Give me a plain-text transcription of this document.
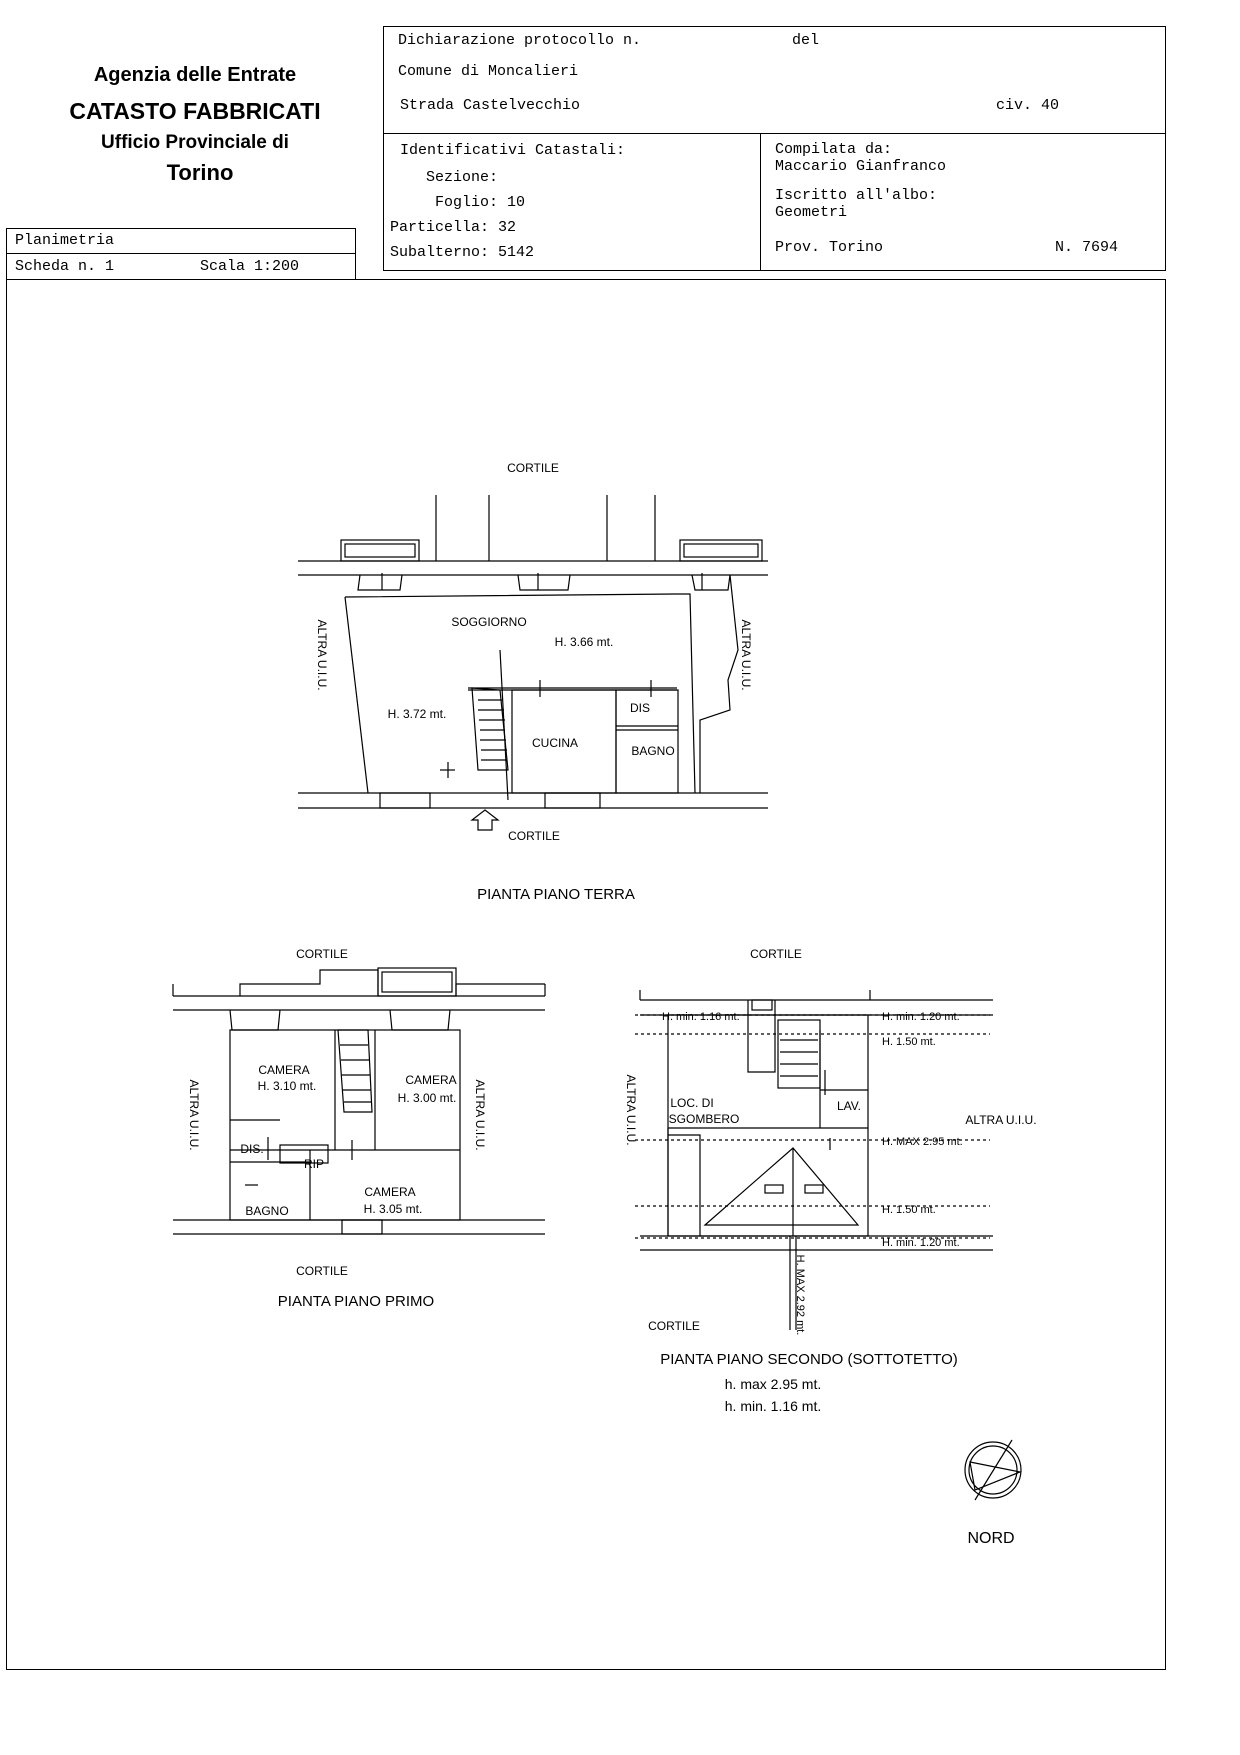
Agenzia delle Entrate
CATASTO FABBRICATI
Ufficio Provinciale di
Torino
Planimetria
Scheda n. 1	Scala 1:200
Dichiarazione protocollo n.	del
Comune di Moncalieri
Strada Castelvecchio	civ. 40
Identificativi Catastali:
Sezione:
Foglio: 10
Particella: 32
Subalterno: 5142
Compilata da:
Maccario Gianfranco
Iscritto all'albo:
Geometri
Prov. Torino	N. 7694
CORTILE
CORTILE
SOGGIORNO
H. 3.66 mt.
H. 3.72 mt.	DIS
CUCINA
BAGNO
ALTRA U.I.U.	ALTRA U.I.U.
PIANTA PIANO TERRA
CORTILE
CORTILE
CAMERA
H. 3.10 mt.	CAMERA
H. 3.00 mt.
DIS.
RIP
BAGNO
CAMERA
H. 3.05 mt.
ALTRA U.I.U.	ALTRA U.I.U.
PIANTA PIANO PRIMO
CORTILE
CORTILE
H. min. 1.16 mt.	H. min. 1.20 mt.
H. 1.50 mt.
LOC. DI
SGOMBERO
LAV.
H. MAX 2.95 mt.
H. 1.50 mt.
H. min. 1.20 mt.
ALTRA U.I.U.	ALTRA U.I.U.
H. MAX 2.92 mt.
PIANTA PIANO SECONDO (SOTTOTETTO)
h. max 2.95 mt.
h. min. 1.16 mt.
NORD
